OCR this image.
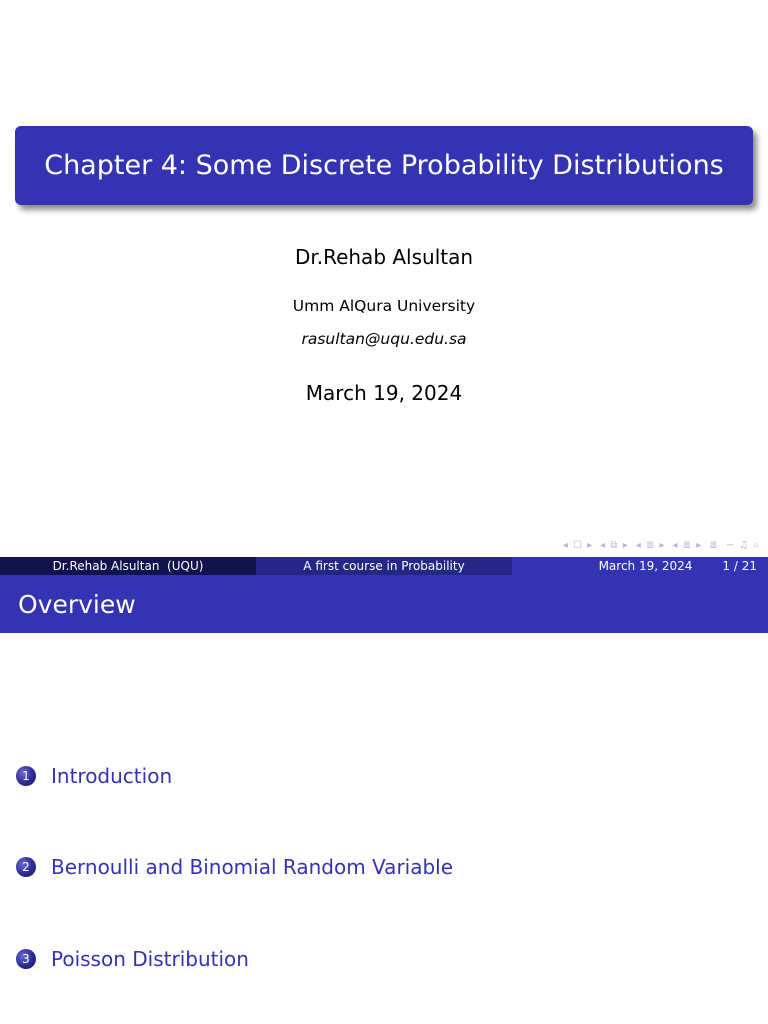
Chapter 4: Some Discrete Probability Distributions
Dr.Rehab Alsultan
Umm AlQura University
rasultan@uqu.edu.sa
March 19, 2024
◂ ☐ ▸ ◂ ⧉ ▸ ◂ ≣ ▸ ◂ ≣ ▸ ≣ ∽ ♫ ⌕
Dr.Rehab Alsultan  (UQU)	A first course in Probability	March 19, 2024	1 / 21
Overview
1	Introduction
2	Bernoulli and Binomial Random Variable
3	Poisson Distribution
